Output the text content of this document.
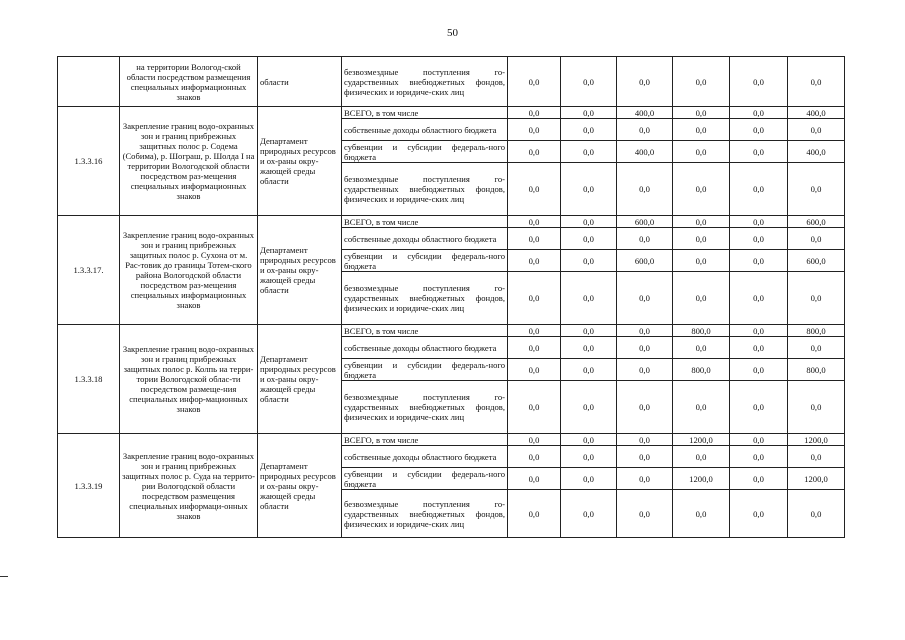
50
	на территории Вологод-ской области посредством размещения специальных информационных знаков	области	безвозмездные поступления го-сударственных внебюджетных фондов, физических и юридиче-ских лиц	0,0	0,0	0,0	0,0	0,0	0,0
1.3.3.16	Закрепление границ водо-охранных зон и границ прибрежных защитных полос р. Содема (Собима), р. Шограш, р. Шолда I на территории Вологодской области посредством раз-мещения специальных информационных знаков	Департамент природных ресурсов и ох-раны окру-жающей среды области	ВСЕГО, в том числе	0,0	0,0	400,0	0,0	0,0	400,0
			собственные доходы областного бюджета	0,0	0,0	0,0	0,0	0,0	0,0
			субвенции и субсидии федераль-ного бюджета	0,0	0,0	400,0	0,0	0,0	400,0
			безвозмездные поступления го-сударственных внебюджетных фондов, физических и юридиче-ских лиц	0,0	0,0	0,0	0,0	0,0	0,0
1.3.3.17.	Закрепление границ водо-охранных зон и границ прибрежных защитных полос р. Сухона от м. Рас-товик до границы Тотем-ского района Вологодской области посредством раз-мещения специальных информационных знаков	Департамент природных ресурсов и ох-раны окру-жающей среды области	ВСЕГО, в том числе	0,0	0,0	600,0	0,0	0,0	600,0
			собственные доходы областного бюджета	0,0	0,0	0,0	0,0	0,0	0,0
			субвенции и субсидии федераль-ного бюджета	0,0	0,0	600,0	0,0	0,0	600,0
			безвозмездные поступления го-сударственных внебюджетных фондов, физических и юридиче-ских лиц	0,0	0,0	0,0	0,0	0,0	0,0
1.3.3.18	Закрепление границ водо-охранных зон и границ прибрежных защитных полос р. Колпь на терри-тории Вологодской облас-ти посредством размеще-ния специальных инфор-мационных знаков	Департамент природных ресурсов и ох-раны окру-жающей среды области	ВСЕГО, в том числе	0,0	0,0	0,0	800,0	0,0	800,0
			собственные доходы областного бюджета	0,0	0,0	0,0	0,0	0,0	0,0
			субвенции и субсидии федераль-ного бюджета	0,0	0,0	0,0	800,0	0,0	800,0
			безвозмездные поступления го-сударственных внебюджетных фондов, физических и юридиче-ских лиц	0,0	0,0	0,0	0,0	0,0	0,0
1.3.3.19	Закрепление границ водо-охранных зон и границ прибрежных защитных полос р. Суда на террито-рии Вологодской области посредством размещения специальных информаци-онных знаков	Департамент природных ресурсов и ох-раны окру-жающей среды области	ВСЕГО, в том числе	0,0	0,0	0,0	1200,0	0,0	1200,0
			собственные доходы областного бюджета	0,0	0,0	0,0	0,0	0,0	0,0
			субвенции и субсидии федераль-ного бюджета	0,0	0,0	0,0	1200,0	0,0	1200,0
			безвозмездные поступления го-сударственных внебюджетных фондов, физических и юридиче-ских лиц	0,0	0,0	0,0	0,0	0,0	0,0
